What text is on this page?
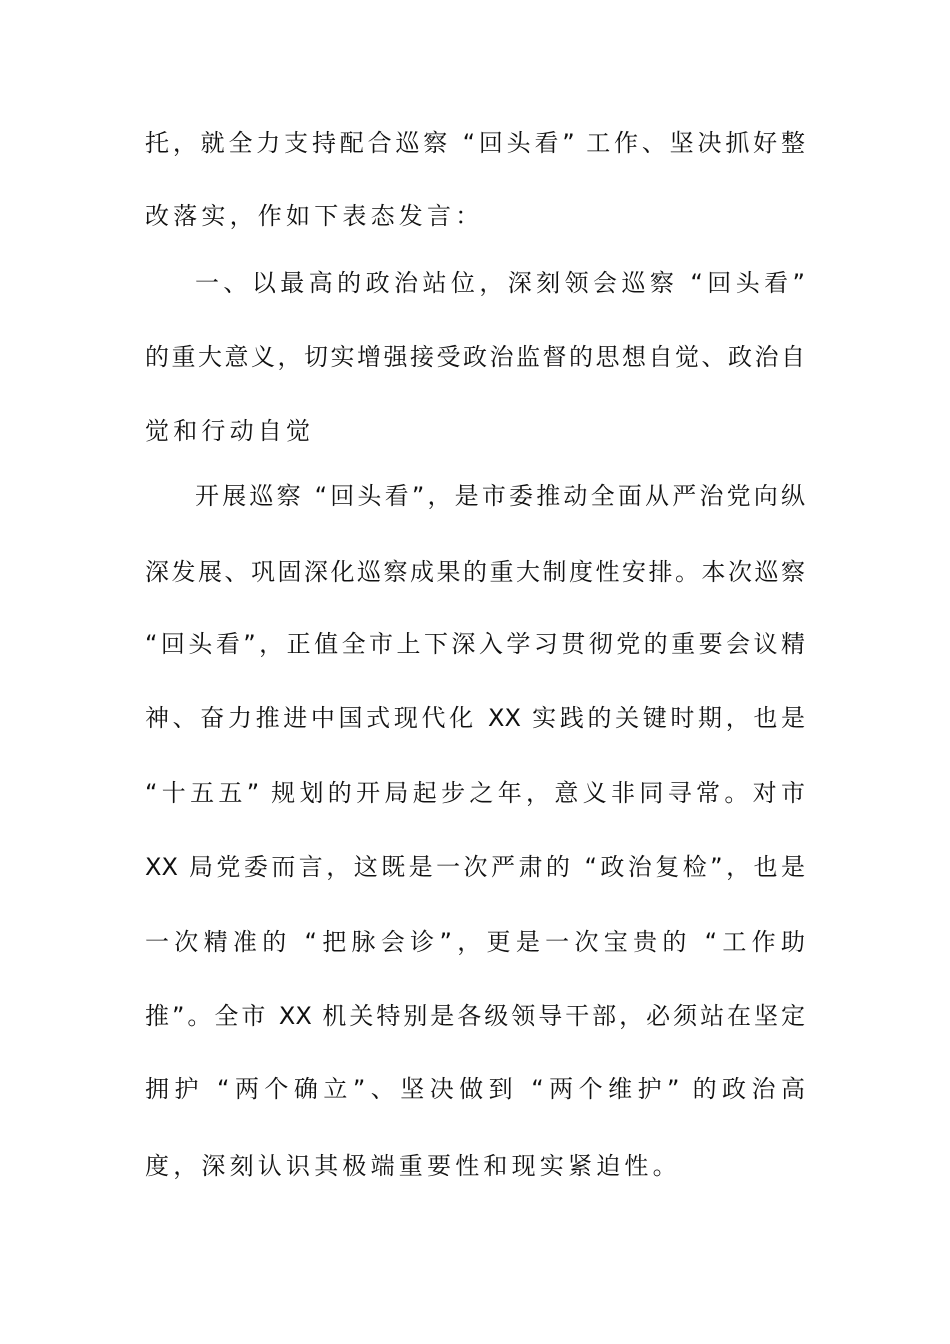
托，就全力支持配合巡察 “回头看” 工作、坚决抓好整
改落实，作如下表态发言：
一、以最高的政治站位，深刻领会巡察 “回头看”
的重大意义，切实增强接受政治监督的思想自觉、政治自
觉和行动自觉
开展巡察 “回头看”，是市委推动全面从严治党向纵
深发展、巩固深化巡察成果的重大制度性安排。本次巡察
“回头看”，正值全市上下深入学习贯彻党的重要会议精
神、奋力推进中国式现代化 XX 实践的关键时期，也是
“十五五” 规划的开局起步之年，意义非同寻常。对市
XX 局党委而言，这既是一次严肃的 “政治复检”，也是
一次精准的 “把脉会诊”，更是一次宝贵的 “工作助
推”。全市 XX 机关特别是各级领导干部，必须站在坚定
拥护 “两个确立”、坚决做到 “两个维护” 的政治高
度，深刻认识其极端重要性和现实紧迫性。
